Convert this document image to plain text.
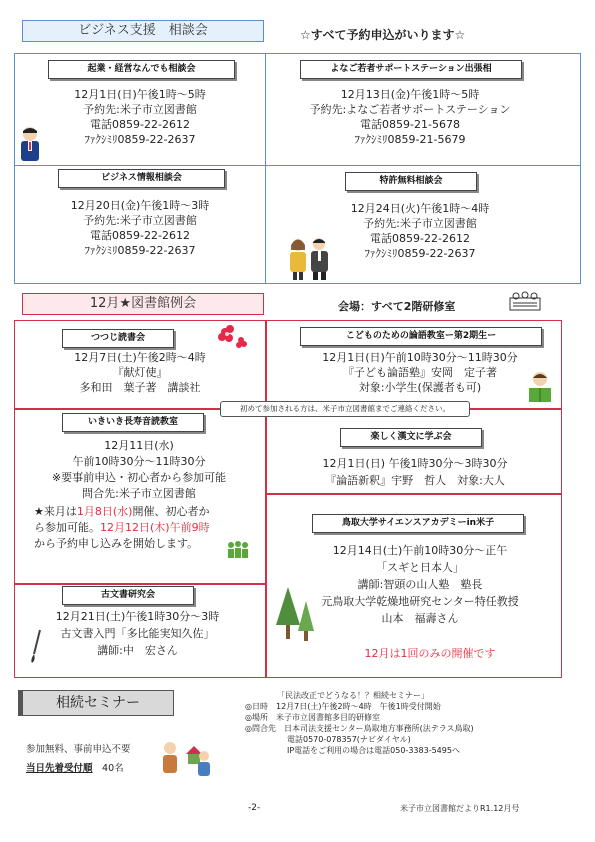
ビジネス支援　相談会	☆すべて予約申込がいります☆
起業・経営なんでも相談会
12月1日(日)午後1時～5時
予約先:米子市立図書館
電話0859-22-2612
ﾌｧｸｼﾐﾘ0859-22-2637
よなご若者サポートステーション出張相
12月13日(金)午後1時～5時
予約先:よなご若者サポートステーション
電話0859-21-5678
ﾌｧｸｼﾐﾘ0859-21-5679
ビジネス情報相談会
12月20日(金)午後1時～3時
予約先:米子市立図書館
電話0859-22-2612
ﾌｧｸｼﾐﾘ0859-22-2637
特許無料相談会
12月24日(火)午後1時～4時
予約先:米子市立図書館
電話0859-22-2612
ﾌｧｸｼﾐﾘ0859-22-2637
12月★図書館例会	会場：すべて2階研修室
つつじ読書会
12月7日(土)午後2時～4時
『献灯使』
多和田　葉子著　講談社
こどものための論語教室ー第2期生ー
12月1日(日)午前10時30分～11時30分
『子ども論語塾』安岡　定子著
対象:小学生(保護者も可)
初めて参加される方は、米子市立図書館までご連絡ください。
いきいき長寿音読教室
12月11日(水)
午前10時30分～11時30分
※要事前申込・初心者から参加可能
問合先:米子市立図書館
★来月は1月8日(水)開催、初心者か
ら参加可能。12月12日(木)午前9時
から予約申し込みを開始します。
楽しく漢文に学ぶ会
12月1日(日) 午後1時30分～3時30分
『論語新釈』宇野　哲人　対象:大人
鳥取大学サイエンスアカデミーin米子
12月14日(土)午前10時30分～正午
「スギと日本人」
講師:智頭の山人塾　塾長
元鳥取大学乾燥地研究センター特任教授
山本　福壽さん
12月は1回のみの開催です
古文書研究会
12月21日(土)午後1時30分～3時
古文書入門「多比能実知久佐」
講師:中　宏さん
相続セミナー
参加無料、事前申込不要
当日先着受付順　 40名
「民法改正でどうなる！？相続セミナー」
◎日時　12月7日(土)午後2時～4時　午後1時受付開始
◎場所　米子市立図書館多目的研修室
◎問合先　日本司法支援センター鳥取地方事務所(法テラス鳥取)
電話0570-078357(ナビダイヤル)
IP電話をご利用の場合は電話050-3383-5495へ
-2-	米子市立図書館だよりR1.12月号
